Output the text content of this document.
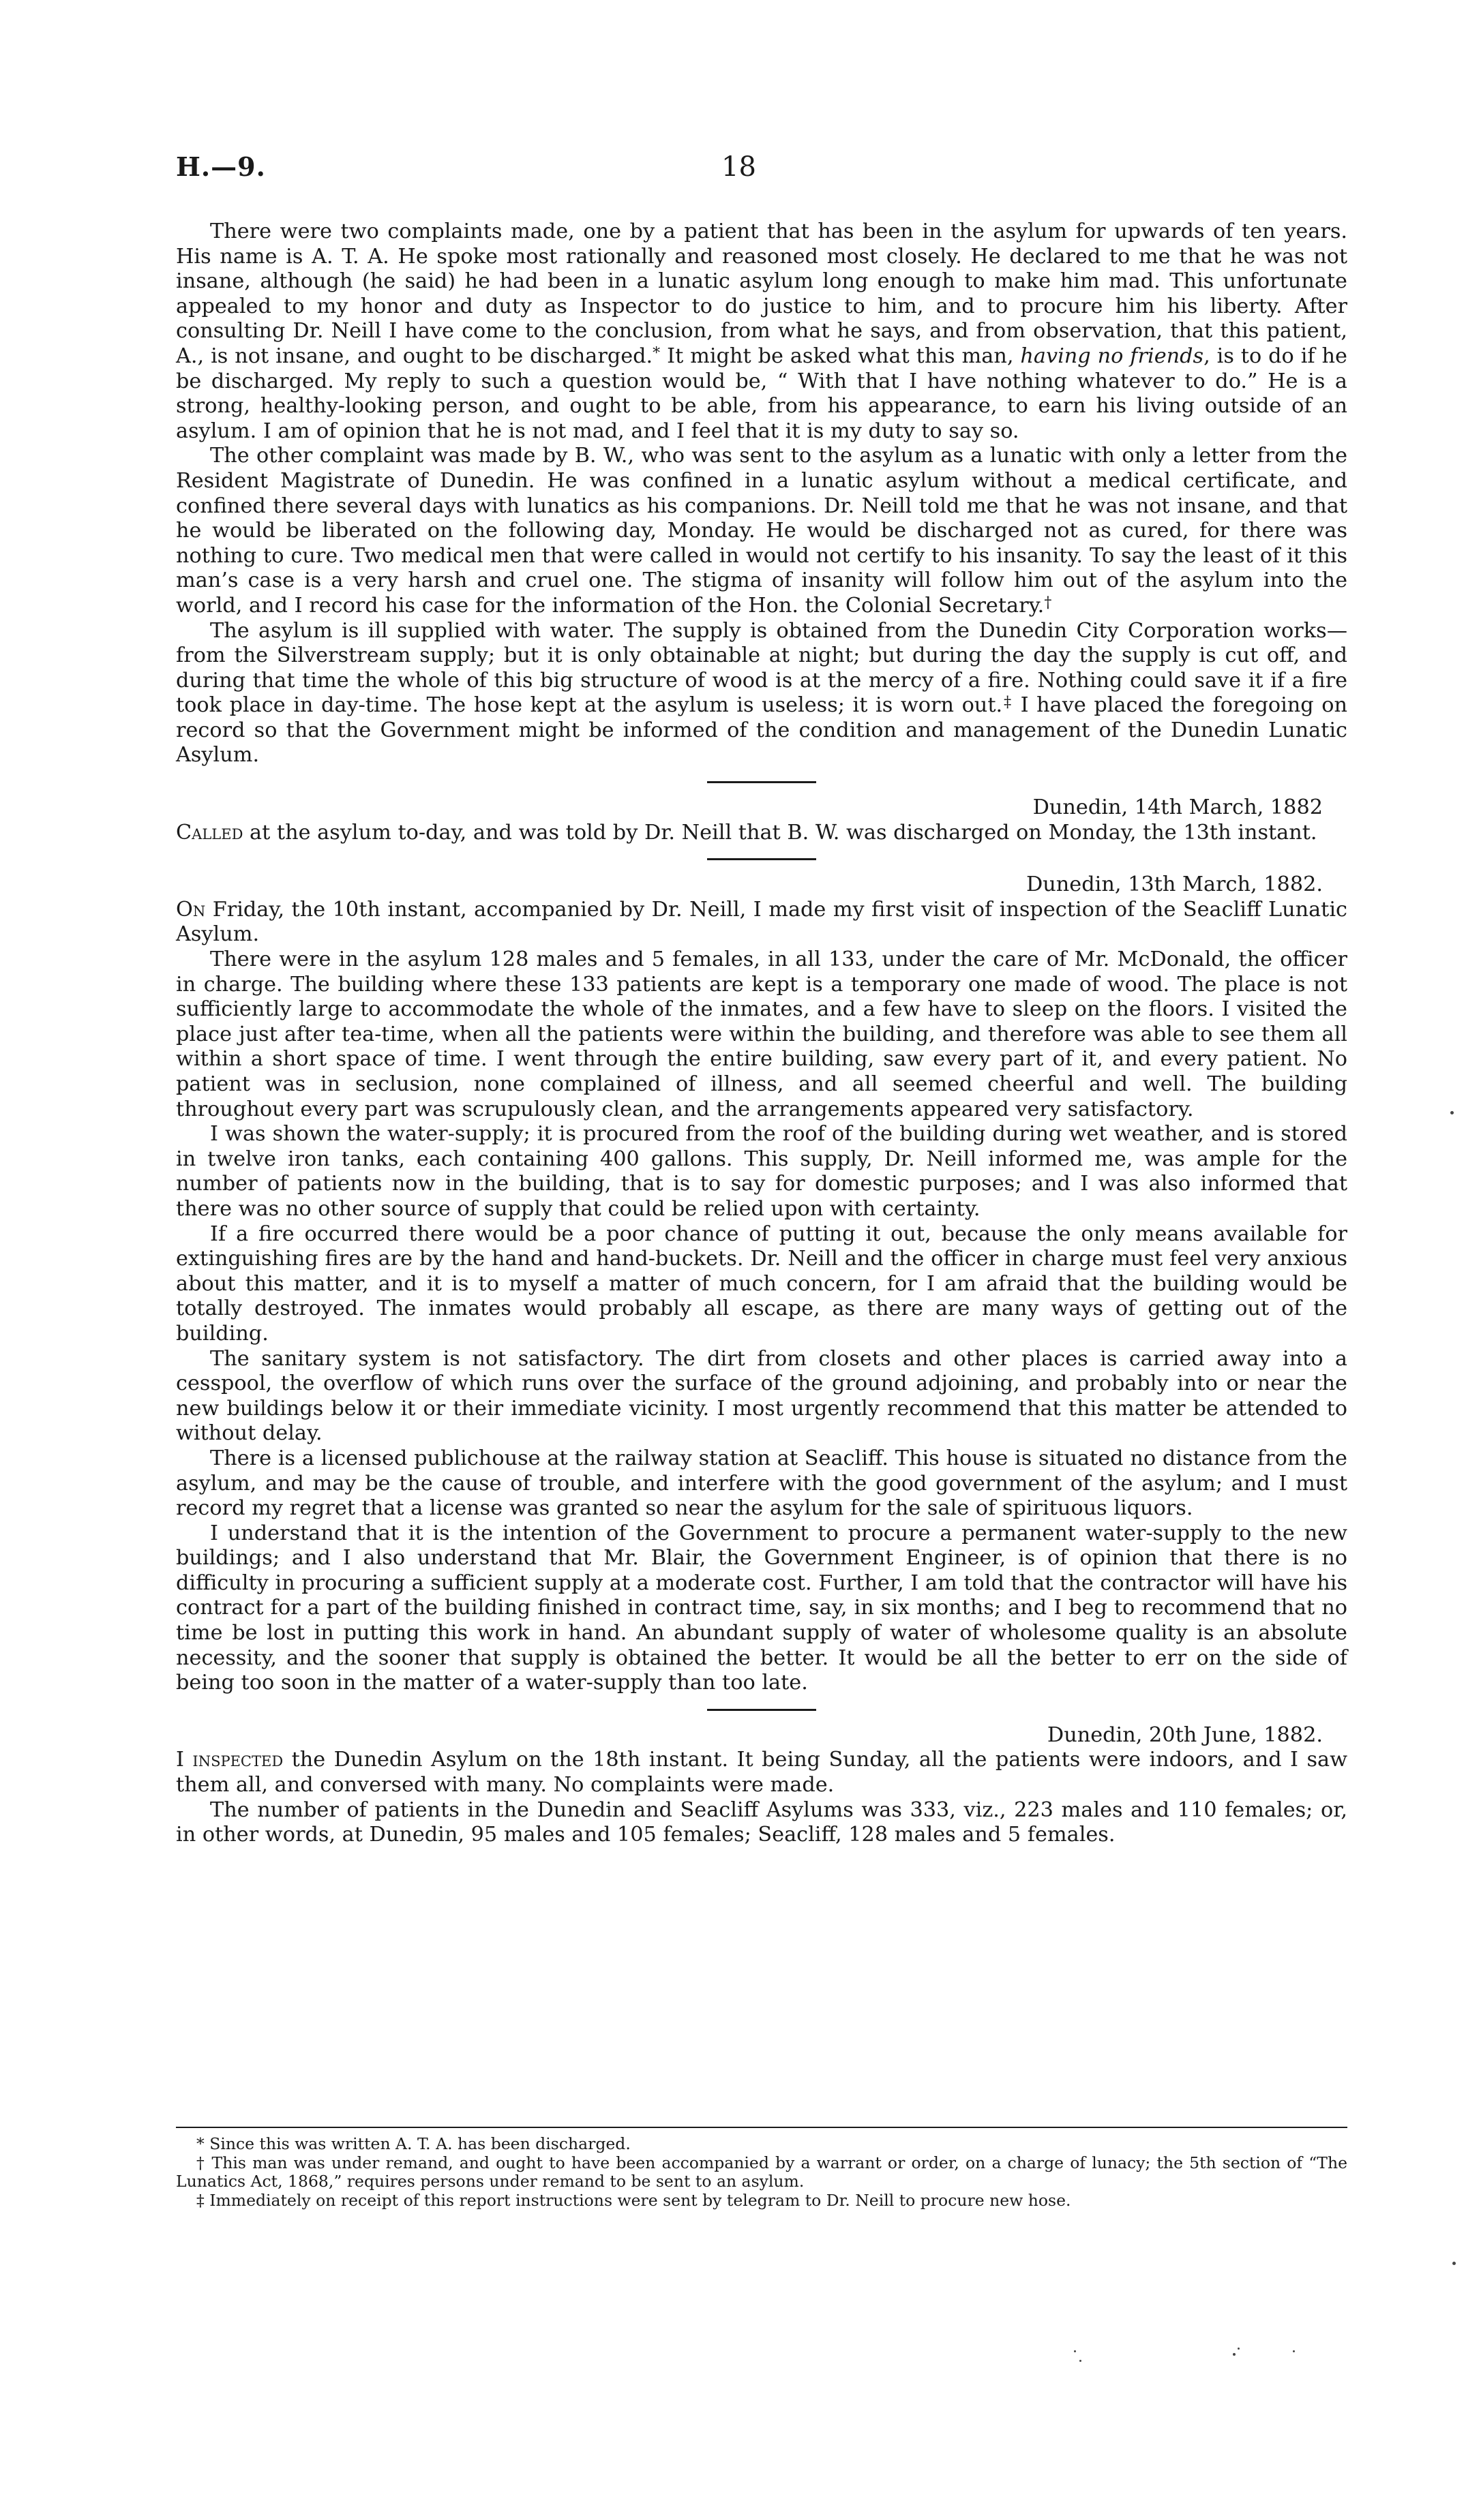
H.—9.	18

There were two complaints made, one by a patient that has been in the asylum for upwards of ten years. His name is A. T. A. He spoke most rationally and reasoned most closely. He declared to me that he was not insane, although (he said) he had been in a lunatic asylum long enough to make him mad. This unfortunate appealed to my honor and duty as Inspector to do justice to him, and to procure him his liberty. After consulting Dr. Neill I have come to the conclusion, from what he says, and from observation, that this patient, A., is not insane, and ought to be discharged.* It might be asked what this man, having no friends, is to do if he be discharged. My reply to such a question would be, “ With that I have nothing whatever to do.” He is a strong, healthy-looking person, and ought to be able, from his appearance, to earn his living outside of an asylum. I am of opinion that he is not mad, and I feel that it is my duty to say so.

The other complaint was made by B. W., who was sent to the asylum as a lunatic with only a letter from the Resident Magistrate of Dunedin. He was confined in a lunatic asylum without a medical certificate, and confined there several days with lunatics as his companions. Dr. Neill told me that he was not insane, and that he would be liberated on the following day, Monday. He would be discharged not as cured, for there was nothing to cure. Two medical men that were called in would not certify to his insanity. To say the least of it this man’s case is a very harsh and cruel one. The stigma of insanity will follow him out of the asylum into the world, and I record his case for the information of the Hon. the Colonial Secretary.†

The asylum is ill supplied with water. The supply is obtained from the Dunedin City Corporation works—from the Silverstream supply; but it is only obtainable at night; but during the day the supply is cut off, and during that time the whole of this big structure of wood is at the mercy of a fire. Nothing could save it if a fire took place in day-time. The hose kept at the asylum is useless; it is worn out.‡ I have placed the foregoing on record so that the Government might be informed of the condition and management of the Dunedin Lunatic Asylum.

Dunedin, 14th March, 1882

Called at the asylum to-day, and was told by Dr. Neill that B. W. was discharged on Monday, the 13th instant.

Dunedin, 13th March, 1882.

On Friday, the 10th instant, accompanied by Dr. Neill, I made my first visit of inspection of the Seacliff Lunatic Asylum.

There were in the asylum 128 males and 5 females, in all 133, under the care of Mr. McDonald, the officer in charge. The building where these 133 patients are kept is a temporary one made of wood. The place is not sufficiently large to accommodate the whole of the inmates, and a few have to sleep on the floors. I visited the place just after tea-time, when all the patients were within the building, and therefore was able to see them all within a short space of time. I went through the entire building, saw every part of it, and every patient. No patient was in seclusion, none complained of illness, and all seemed cheerful and well. The building throughout every part was scrupulously clean, and the arrangements appeared very satisfactory.

I was shown the water-supply; it is procured from the roof of the building during wet weather, and is stored in twelve iron tanks, each containing 400 gallons. This supply, Dr. Neill informed me, was ample for the number of patients now in the building, that is to say for domestic purposes; and I was also informed that there was no other source of supply that could be relied upon with certainty.

If a fire occurred there would be a poor chance of putting it out, because the only means available for extinguishing fires are by the hand and hand-buckets. Dr. Neill and the officer in charge must feel very anxious about this matter, and it is to myself a matter of much concern, for I am afraid that the building would be totally destroyed. The inmates would probably all escape, as there are many ways of getting out of the building.

The sanitary system is not satisfactory. The dirt from closets and other places is carried away into a cesspool, the overflow of which runs over the surface of the ground adjoining, and probably into or near the new buildings below it or their immediate vicinity. I most urgently recommend that this matter be attended to without delay.

There is a licensed publichouse at the railway station at Seacliff. This house is situated no distance from the asylum, and may be the cause of trouble, and interfere with the good government of the asylum; and I must record my regret that a license was granted so near the asylum for the sale of spirituous liquors.

I understand that it is the intention of the Government to procure a permanent water-supply to the new buildings; and I also understand that Mr. Blair, the Government Engineer, is of opinion that there is no difficulty in procuring a sufficient supply at a moderate cost. Further, I am told that the contractor will have his contract for a part of the building finished in contract time, say, in six months; and I beg to recommend that no time be lost in putting this work in hand. An abundant supply of water of wholesome quality is an absolute necessity, and the sooner that supply is obtained the better. It would be all the better to err on the side of being too soon in the matter of a water-supply than too late.

Dunedin, 20th June, 1882.

I inspected the Dunedin Asylum on the 18th instant. It being Sunday, all the patients were indoors, and I saw them all, and conversed with many. No complaints were made.

The number of patients in the Dunedin and Seacliff Asylums was 333, viz., 223 males and 110 females; or, in other words, at Dunedin, 95 males and 105 females; Seacliff, 128 males and 5 females.

* Since this was written A. T. A. has been discharged.

† This man was under remand, and ought to have been accompanied by a warrant or order, on a charge of lunacy; the 5th section of “The Lunatics Act, 1868,” requires persons under remand to be sent to an asylum.

‡ Immediately on receipt of this report instructions were sent by telegram to Dr. Neill to procure new hose.
